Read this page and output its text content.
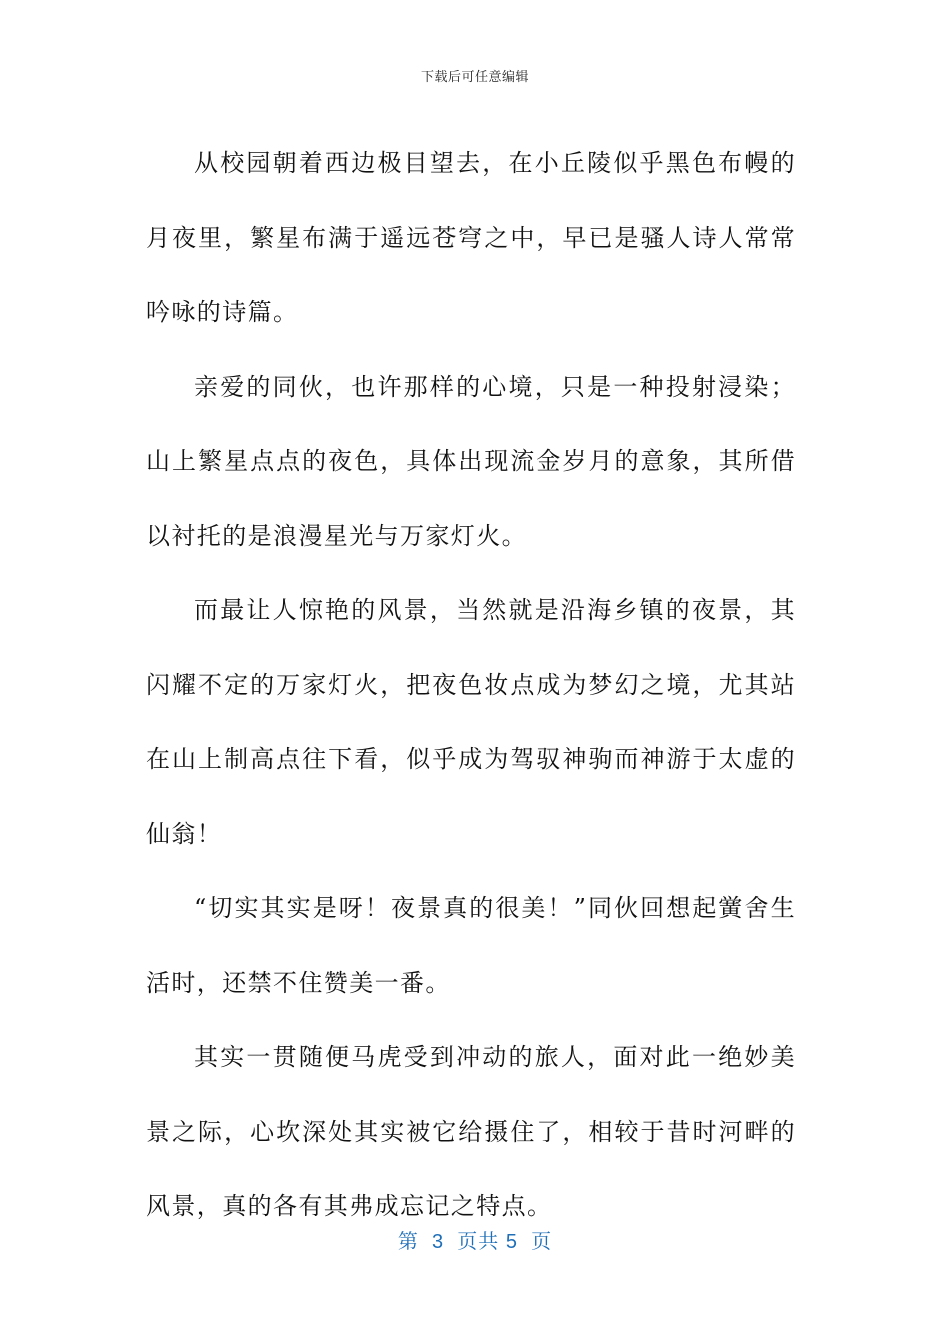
下载后可任意编辑

从校园朝着西边极目望去，在小丘陵似乎黑色布幔的月夜里，繁星布满于遥远苍穹之中，早已是骚人诗人常常吟咏的诗篇。

亲爱的同伙，也许那样的心境，只是一种投射浸染；山上繁星点点的夜色，具体出现流金岁月的意象，其所借以衬托的是浪漫星光与万家灯火。

而最让人惊艳的风景，当然就是沿海乡镇的夜景，其闪耀不定的万家灯火，把夜色妆点成为梦幻之境，尤其站在山上制高点往下看，似乎成为驾驭神驹而神游于太虚的仙翁！

“切实其实是呀！夜景真的很美！”同伙回想起黉舍生活时，还禁不住赞美一番。

其实一贯随便马虎受到冲动的旅人，面对此一绝妙美景之际，心坎深处其实被它给摄住了，相较于昔时河畔的风景，真的各有其弗成忘记之特点。

第  3  页共 5  页
